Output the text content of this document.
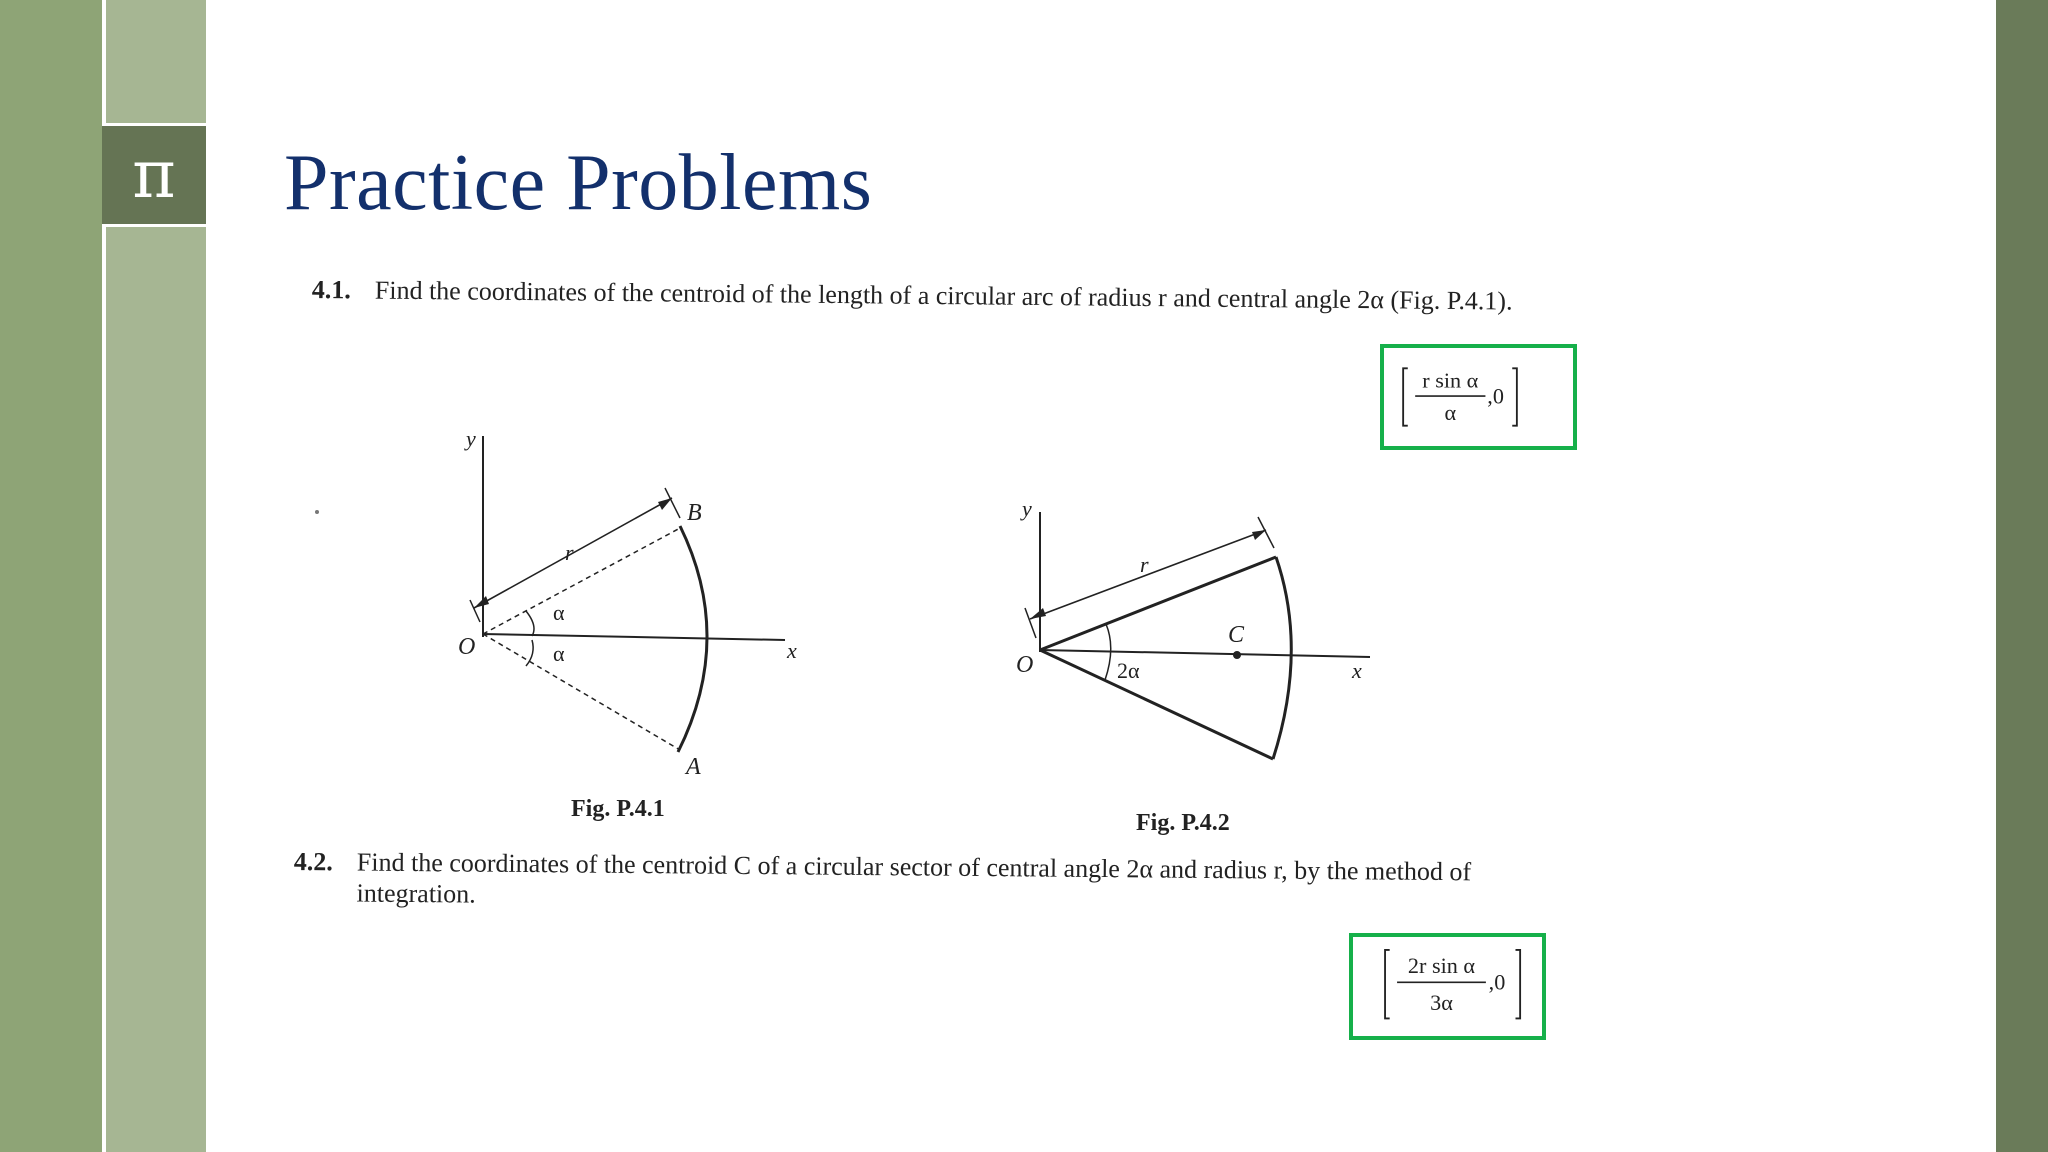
π Practice Problems
4.1. Find the coordinates of the centroid of the length of a circular arc of radius r and central angle 2α (Fig. P.4.1).
r sin α
α
,0
y
x
O
r
α
α
B
A
Fig. P.4.1
y
x
O
r
2α
C
Fig. P.4.2
4.2. Find the coordinates of the centroid C of a circular sector of central angle 2α and radius r, by the method of integration.
2r sin α
3α
,0
